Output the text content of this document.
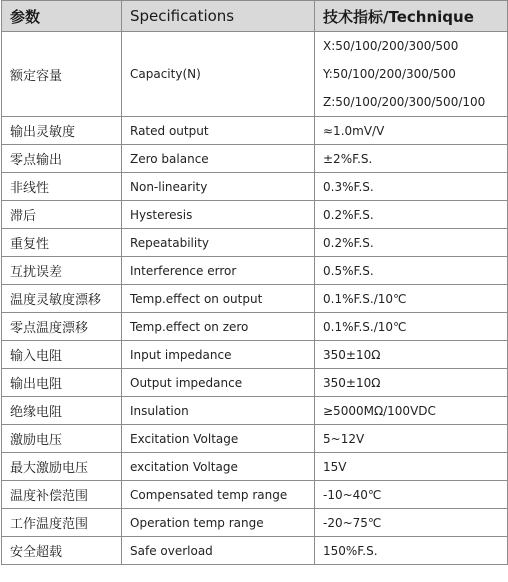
参数	Specifications	技术指标/Technique
额定容量	Capacity(N)	X:50/100/200/300/500
Y:50/100/200/300/500
Z:50/100/200/300/500/100

输出灵敏度	Rated output	≈1.0mV/V
零点输出	Zero balance	±2%F.S.
非线性	Non-linearity	0.3%F.S.
滞后	Hysteresis	0.2%F.S.
重复性	Repeatability	0.2%F.S.
互扰误差	Interference error	0.5%F.S.
温度灵敏度漂移	Temp.effect on output	0.1%F.S./10℃
零点温度漂移	Temp.effect on zero	0.1%F.S./10℃
输入电阻	Input impedance	350±10Ω
输出电阻	Output impedance	350±10Ω
绝缘电阻	Insulation	≥5000MΩ/100VDC
激励电压	Excitation Voltage	5~12V
最大激励电压	excitation Voltage	15V
温度补偿范围	Compensated temp range	-10~40℃
工作温度范围	Operation temp range	-20~75℃
安全超载	Safe overload	150%F.S.
